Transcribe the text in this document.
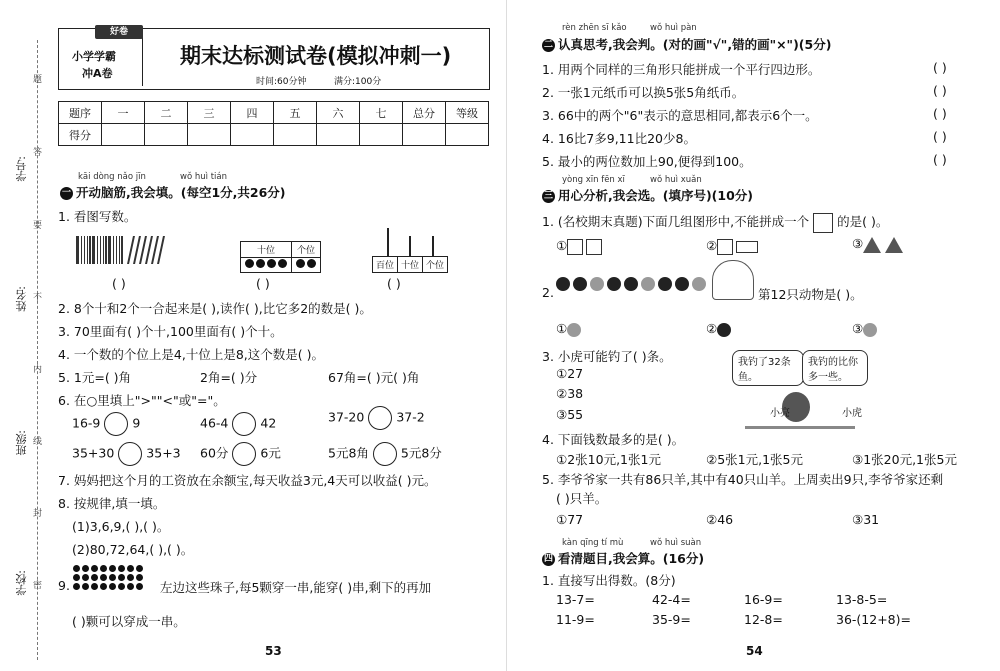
学号:
姓名:
班级:
学校:
题
答
要
不
内
线
封
密
好卷
小学学霸
冲A卷
期末达标测试卷(模拟冲刺一)
时间:60分钟	满分:100分
题序	一	二	三	四	五	六	七	总分	等级
得分									
kāi dòng nǎo jīn	wǒ huì tián
一 开动脑筋,我会填。(每空1分,共26分)
1. 看图写数。
十位	个位

百位	十位	个位
( )	( )	( )
2. 8个十和2个一合起来是( ),读作( ),比它多2的数是( )。
3. 70里面有( )个十,100里面有( )个十。
4. 一个数的个位上是4,十位上是8,这个数是( )。
5. 1元=( )角	2角=( )分	67角=( )元( )角
6. 在○里填上">""<"或"="。
16-9	9	46-4	42	37-20	37-2
35+30	35+3 60分	6元	5元8角	5元8分
7. 妈妈把这个月的工资放在余额宝,每天收益3元,4天可以收益( )元。
8. 按规律,填一填。
(1)3,6,9,( ),( )。
(2)80,72,64,( ),( )。
9.
	左边这些珠子,每5颗穿一串,能穿( )串,剩下的再加
( )颗可以穿成一串。
53
rèn zhēn sī kǎo	wǒ huì pàn
二 认真思考,我会判。(对的画"√",错的画"×")(5分)
1. 用两个同样的三角形只能拼成一个平行四边形。
2. 一张1元纸币可以换5张5角纸币。
3. 66中的两个"6"表示的意思相同,都表示6个一。
4. 16比7多9,11比20少8。
5. 最小的两位数加上90,便得到100。
( )
( )
( )
( )
( )
yòng xīn fēn xī	wǒ huì xuǎn
三 用心分析,我会选。(填序号)(10分)
1. (名校期末真题)下面几组图形中,不能拼成一个 的是( )。
①	②	③
2.	第12只动物是( )。
①	②	③
3. 小虎可能钓了( )条。
①27
②38
③55
我钓了32条鱼。
我钓的比你多一些。
小亮	小虎
4. 下面钱数最多的是( )。
①2张10元,1张1元	②5张1元,1张5元	③1张20元,1张5元
5. 李爷爷家一共有86只羊,其中有40只山羊。上周卖出9只,李爷爷家还剩
( )只羊。
①77	②46	③31
kàn qīng tí mù	wǒ huì suàn
四 看清题目,我会算。(16分)
1. 直接写出得数。(8分)
13-7=	42-4=	16-9=	13-8-5=
11-9=	35-9=	12-8=	36-(12+8)=
54
